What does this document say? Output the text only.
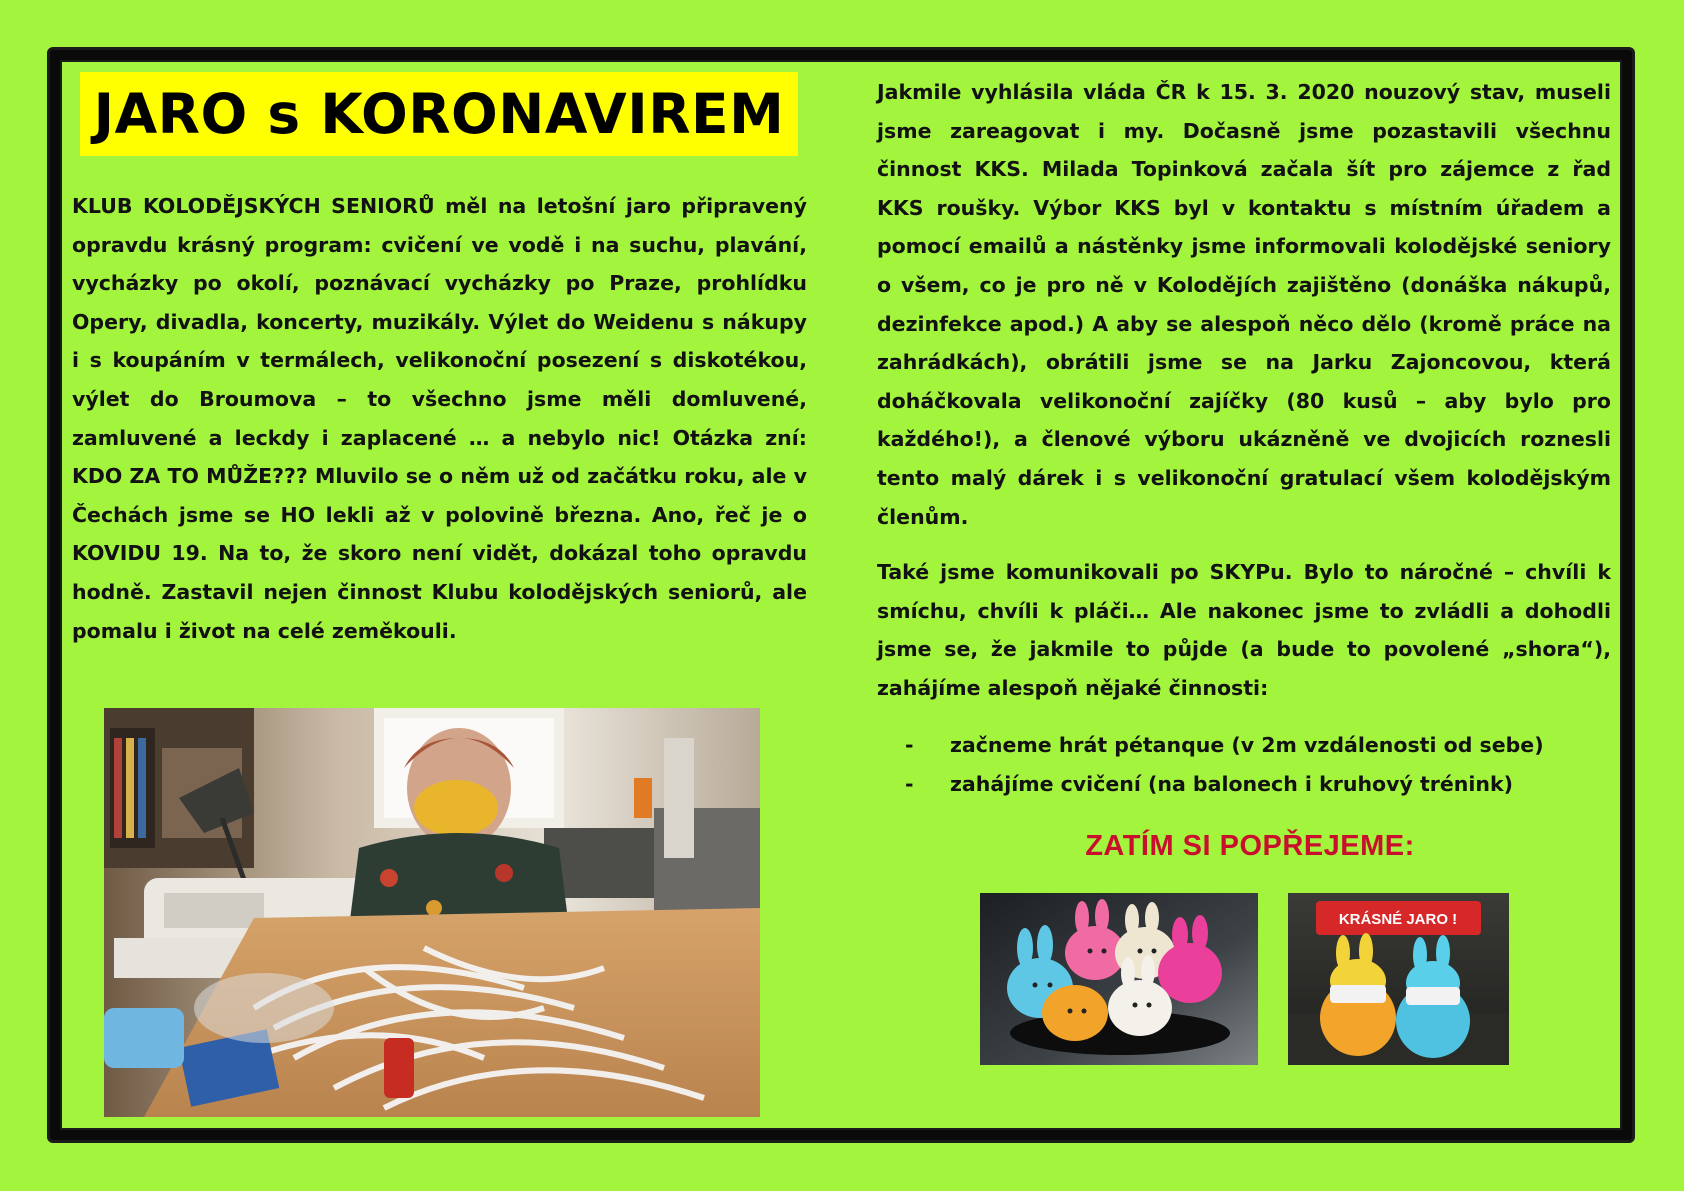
JARO s KORONAVIREM

KLUB KOLODĚJSKÝCH SENIORŮ měl na letošní jaro připravený opravdu krásný program: cvičení ve vodě i na suchu, plavání, vycházky po okolí, poznávací vycházky po Praze, prohlídku Opery, divadla, koncerty, muzikály. Výlet do Weidenu s nákupy i s koupáním v termálech, velikonoční posezení s diskotékou, výlet do Broumova – to všechno jsme měli domluvené, zamluvené a leckdy i zaplacené … a nebylo nic! Otázka zní: KDO ZA TO MŮŽE??? Mluvilo se o něm už od začátku roku, ale v Čechách jsme se HO lekli až v polovině března. Ano, řeč je o KOVIDU 19. Na to, že skoro není vidět, dokázal toho opravdu hodně. Zastavil nejen činnost Klubu kolodějských seniorů, ale pomalu i život na celé zeměkouli.

Jakmile vyhlásila vláda ČR k 15. 3. 2020 nouzový stav, museli jsme zareagovat i my. Dočasně jsme pozastavili všechnu činnost KKS. Milada Topinková začala šít pro zájemce z řad KKS roušky. Výbor KKS byl v kontaktu s místním úřadem a pomocí emailů a nástěnky jsme informovali kolodějské seniory o všem, co je pro ně v Kolodějích zajištěno (donáška nákupů, dezinfekce apod.) A aby se alespoň něco dělo (kromě práce na zahrádkách), obrátili jsme se na Jarku Zajoncovou, která doháčkovala velikonoční zajíčky (80 kusů – aby bylo pro každého!), a členové výboru ukázněně ve dvojicích roznesli tento malý dárek i s velikonoční gratulací všem kolodějským členům.

Také jsme komunikovali po SKYPu. Bylo to náročné – chvíli k smíchu, chvíli k pláči… Ale nakonec jsme to zvládli a dohodli jsme se, že jakmile to půjde (a bude to povolené „shora“), zahájíme alespoň nějaké činnosti:

-	začneme hrát pétanque (v 2m vzdálenosti od sebe)
-	zahájíme cvičení (na balonech i kruhový trénink)
ZATÍM SI POPŘEJEME:
KRÁSNÉ JARO !
